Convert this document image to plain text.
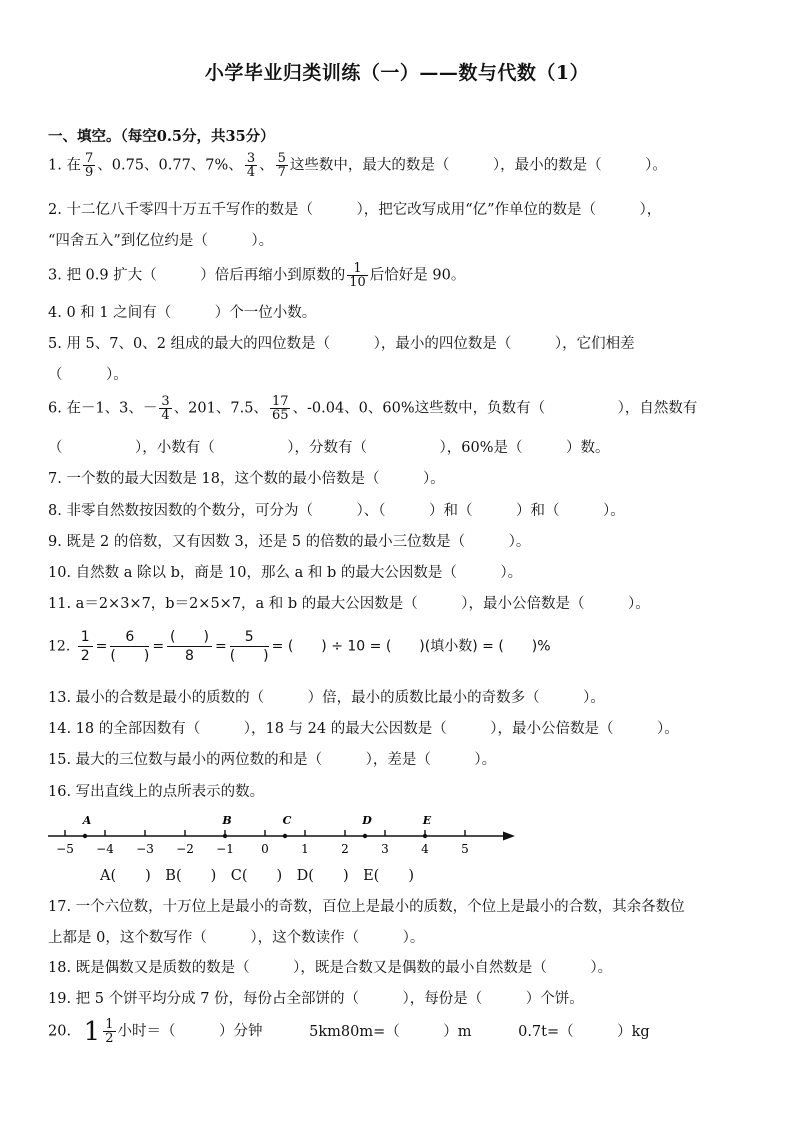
小学毕业归类训练（一）——数与代数（1）
一、填空。（每空0.5分，共35分）
1. 在 $\frac{7}{9}$ 、0.75、0.77、7%、 $\frac{3}{4}$ 、 $\frac{5}{7}$ 这些数中，最大的数是（　　　），最小的数是（　　　）。
2. 十二亿八千零四十万五千写作的数是（　　　），把它改写成用“亿”作单位的数是（　　　），
“四舍五入”到亿位约是（　　　）。
3. 把 0.9 扩大（　　　）倍后再缩小到原数的 $\frac{1}{10}$ 后恰好是 90。
4. 0 和 1 之间有（　　　）个一位小数。
5. 用 5、7、0、2 组成的最大的四位数是（　　　），最小的四位数是（　　　），它们相差
（　　　）。
6. 在－1、3、－ $\frac{3}{4}$ 、201、7.5、 $\frac{17}{65}$ 、-0.04、0、60%这些数中，负数有（　　　　　），自然数有
（　　　　　），小数有（　　　　　），分数有（　　　　　），60%是（　　　）数。
7. 一个数的最大因数是 18，这个数的最小倍数是（　　　）。
8. 非零自然数按因数的个数分，可分为（　　　）、（　　　）和（　　　）和（　　　）。
9. 既是 2 的倍数，又有因数 3，还是 5 的倍数的最小三位数是（　　　）。
10. 自然数 a 除以 b，商是 10，那么 a 和 b 的最大公因数是（　　　）。
11. a＝2×3×7，b＝2×5×7，a 和 b 的最大公因数是（　　　），最小公倍数是（　　　）。
12. $\frac{1}{2}$ =
6
(　　)
=
(　　)
8
=
5
(　　)
= (　　) ÷ 10 = (　　)(填小数) = (　　)%
13. 最小的合数是最小的质数的（　　　）倍，最小的质数比最小的奇数多（　　　）。
14. 18 的全部因数有（　　　），18 与 24 的最大公因数是（　　　），最小公倍数是（　　　）。
15. 最大的三位数与最小的两位数的和是（　　　），差是（　　　）。
16. 写出直线上的点所表示的数。
−5 −4 −3 −2 −1 0	1	2	3	4	5
A	B	C	D	E
A(　　)　B(　　)　C(　　)　D(　　)　E(　　)
17. 一个六位数，十万位上是最小的奇数，百位上是最小的质数，个位上是最小的合数，其余各数位
上都是 0，这个数写作（　　　），这个数读作（　　　）。
18. 既是偶数又是质数的数是（　　　），既是合数又是偶数的最小自然数是（　　　）。
19. 把 5 个饼平均分成 7 份，每份占全部饼的（　　　），每份是（　　　）个饼。
20. $1 \frac{1}{2}$ 小时＝（　　　）分钟	5km80m=（　　　）m	0.7t=（　　　）kg
